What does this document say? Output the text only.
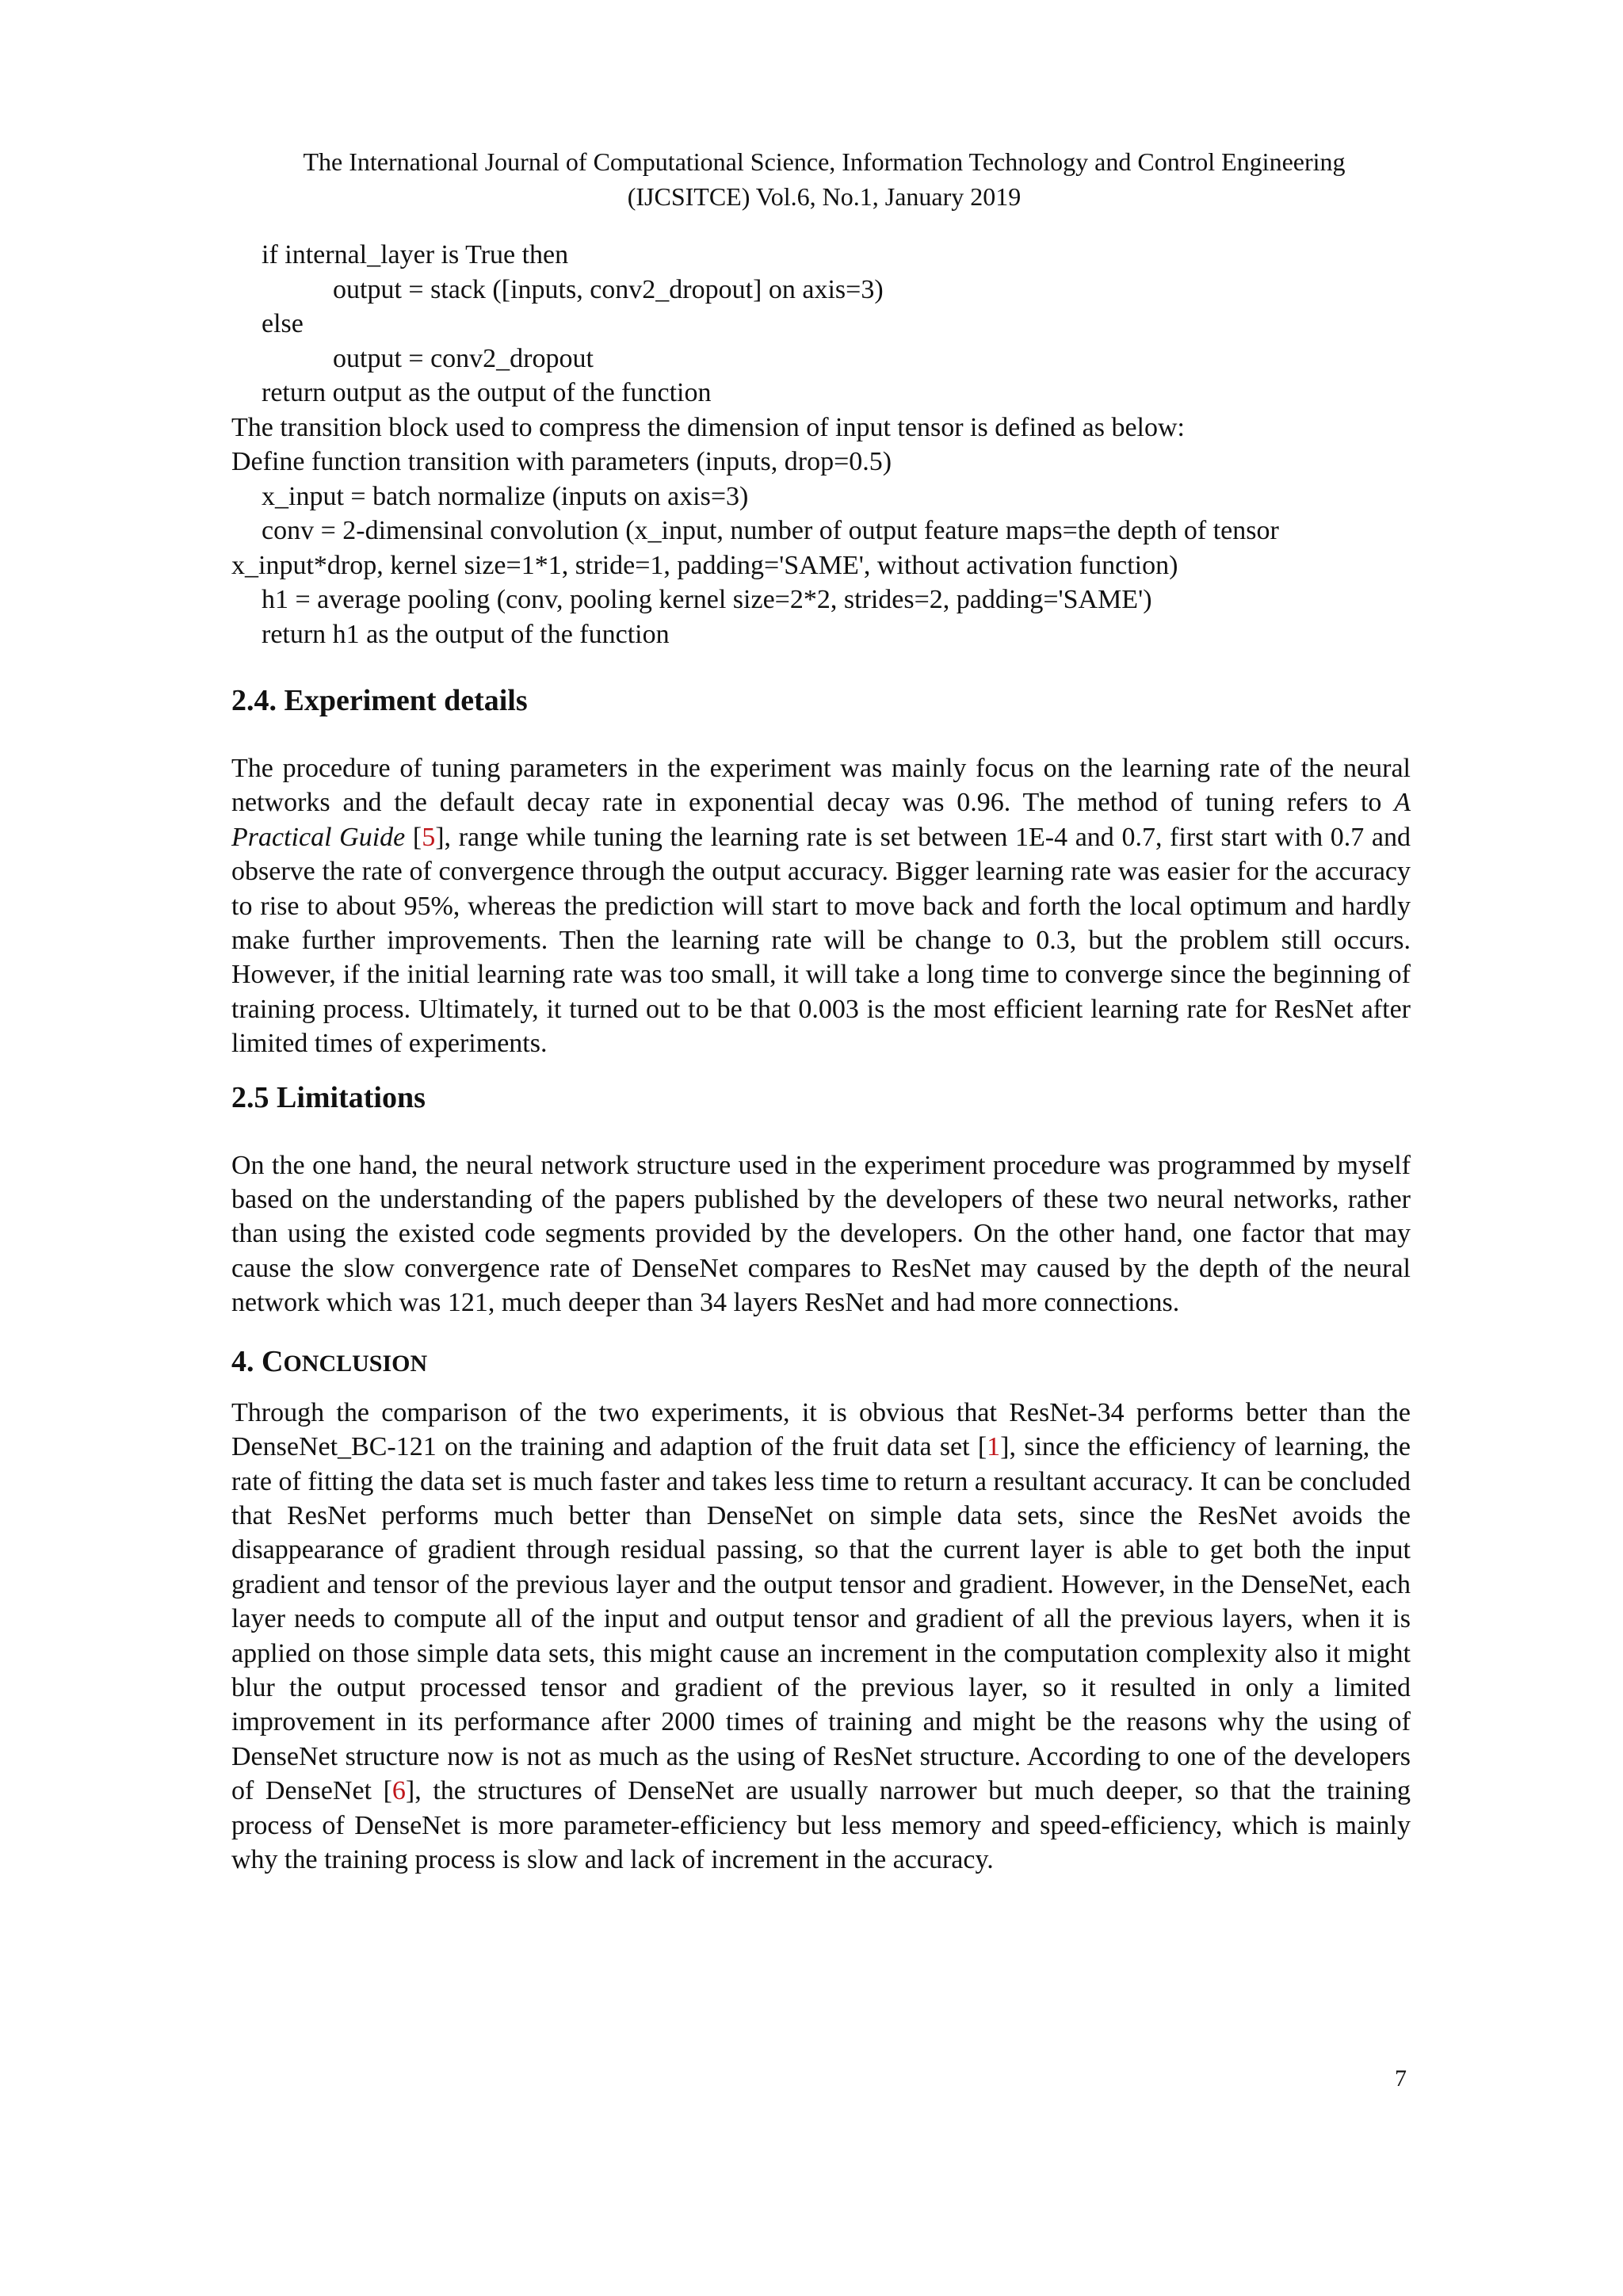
The International Journal of Computational Science, Information Technology and Control Engineering
(IJCSITCE) Vol.6, No.1, January 2019
if internal_layer is True then
output = stack ([inputs, conv2_dropout] on axis=3)
else
output = conv2_dropout
return output as the output of the function
The transition block used to compress the dimension of input tensor is defined as below:
Define function transition with parameters (inputs, drop=0.5)
x_input = batch normalize (inputs on axis=3)
conv = 2-dimensinal convolution (x_input, number of output feature maps=the depth of tensor
x_input*drop, kernel size=1*1, stride=1, padding='SAME', without activation function)
h1 = average pooling (conv, pooling kernel size=2*2, strides=2, padding='SAME')
return h1 as the output of the function
2.4. Experiment details

The procedure of tuning parameters in the experiment was mainly focus on the learning rate of the neural networks and the default decay rate in exponential decay was 0.96. The method of tuning refers to A Practical Guide [5], range while tuning the learning rate is set between 1E-4 and 0.7, first start with 0.7 and observe the rate of convergence through the output accuracy. Bigger learning rate was easier for the accuracy to rise to about 95%, whereas the prediction will start to move back and forth the local optimum and hardly make further improvements. Then the learning rate will be change to 0.3, but the problem still occurs. However, if the initial learning rate was too small, it will take a long time to converge since the beginning of training process. Ultimately, it turned out to be that 0.003 is the most efficient learning rate for ResNet after limited times of experiments.

2.5 Limitations

On the one hand, the neural network structure used in the experiment procedure was programmed by myself based on the understanding of the papers published by the developers of these two neural networks, rather than using the existed code segments provided by the developers. On the other hand, one factor that may cause the slow convergence rate of DenseNet compares to ResNet may caused by the depth of the neural network which was 121, much deeper than 34 layers ResNet and had more connections.

4. CONCLUSION

Through the comparison of the two experiments, it is obvious that ResNet-34 performs better than the DenseNet_BC-121 on the training and adaption of the fruit data set [1], since the efficiency of learning, the rate of fitting the data set is much faster and takes less time to return a resultant accuracy. It can be concluded that ResNet performs much better than DenseNet on simple data sets, since the ResNet avoids the disappearance of gradient through residual passing, so that the current layer is able to get both the input gradient and tensor of the previous layer and the output tensor and gradient. However, in the DenseNet, each layer needs to compute all of the input and output tensor and gradient of all the previous layers, when it is applied on those simple data sets, this might cause an increment in the computation complexity also it might blur the output processed tensor and gradient of the previous layer, so it resulted in only a limited improvement in its performance after 2000 times of training and might be the reasons why the using of DenseNet structure now is not as much as the using of ResNet structure. According to one of the developers of DenseNet [6], the structures of DenseNet are usually narrower but much deeper, so that the training process of DenseNet is more parameter-efficiency but less memory and speed-efficiency, which is mainly why the training process is slow and lack of increment in the accuracy.

7
